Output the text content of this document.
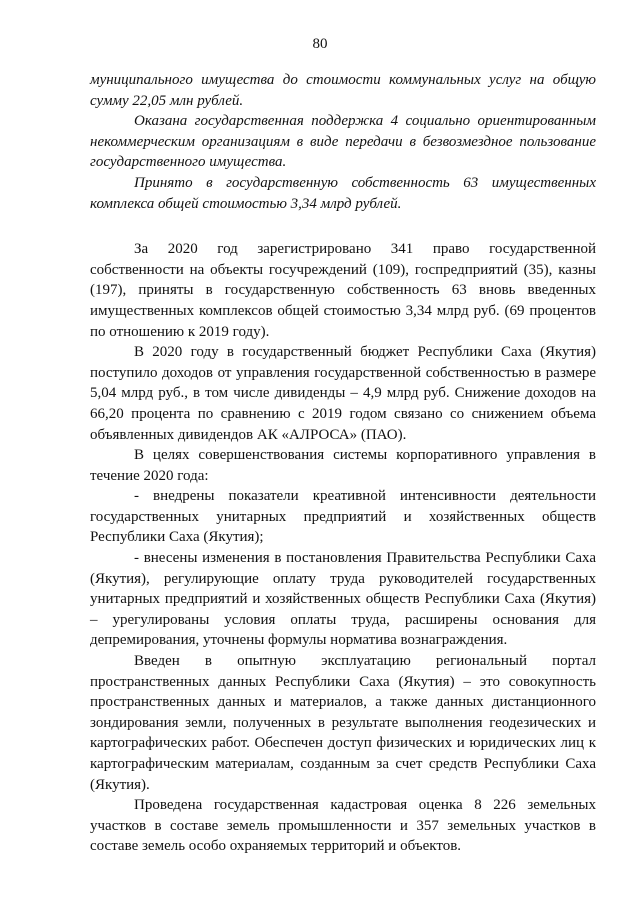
80

муниципального имущества до стоимости коммунальных услуг на общую сумму 22,05 млн рублей.

Оказана государственная поддержка 4 социально ориентированным некоммерческим организациям в виде передачи в безвозмездное пользование государственного имущества.

Принято в государственную собственность 63 имущественных комплекса общей стоимостью 3,34 млрд рублей.

За 2020 год зарегистрировано 341 право государственной собственности на объекты госучреждений (109), госпредприятий (35), казны (197), приняты в государственную собственность 63 вновь введенных имущественных комплексов общей стоимостью 3,34 млрд руб. (69 процентов по отношению к 2019 году).

В 2020 году в государственный бюджет Республики Саха (Якутия) поступило доходов от управления государственной собственностью в размере 5,04 млрд руб., в том числе дивиденды – 4,9 млрд руб. Снижение доходов на 66,20 процента по сравнению с 2019 годом связано со снижением объема объявленных дивидендов АК «АЛРОСА» (ПАО).

В целях совершенствования системы корпоративного управления в течение 2020 года:

- внедрены показатели креативной интенсивности деятельности государственных унитарных предприятий и хозяйственных обществ Республики Саха (Якутия);

- внесены изменения в постановления Правительства Республики Саха (Якутия), регулирующие оплату труда руководителей государственных унитарных предприятий и хозяйственных обществ Республики Саха (Якутия) – урегулированы условия оплаты труда, расширены основания для депремирования, уточнены формулы норматива вознаграждения.

Введен в опытную эксплуатацию региональный портал пространственных данных Республики Саха (Якутия) – это совокупность пространственных данных и материалов, а также данных дистанционного зондирования земли, полученных в результате выполнения геодезических и картографических работ. Обеспечен доступ физических и юридических лиц к картографическим материалам, созданным за счет средств Республики Саха (Якутия).

Проведена государственная кадастровая оценка 8 226 земельных участков в составе земель промышленности и 357 земельных участков в составе земель особо охраняемых территорий и объектов.
